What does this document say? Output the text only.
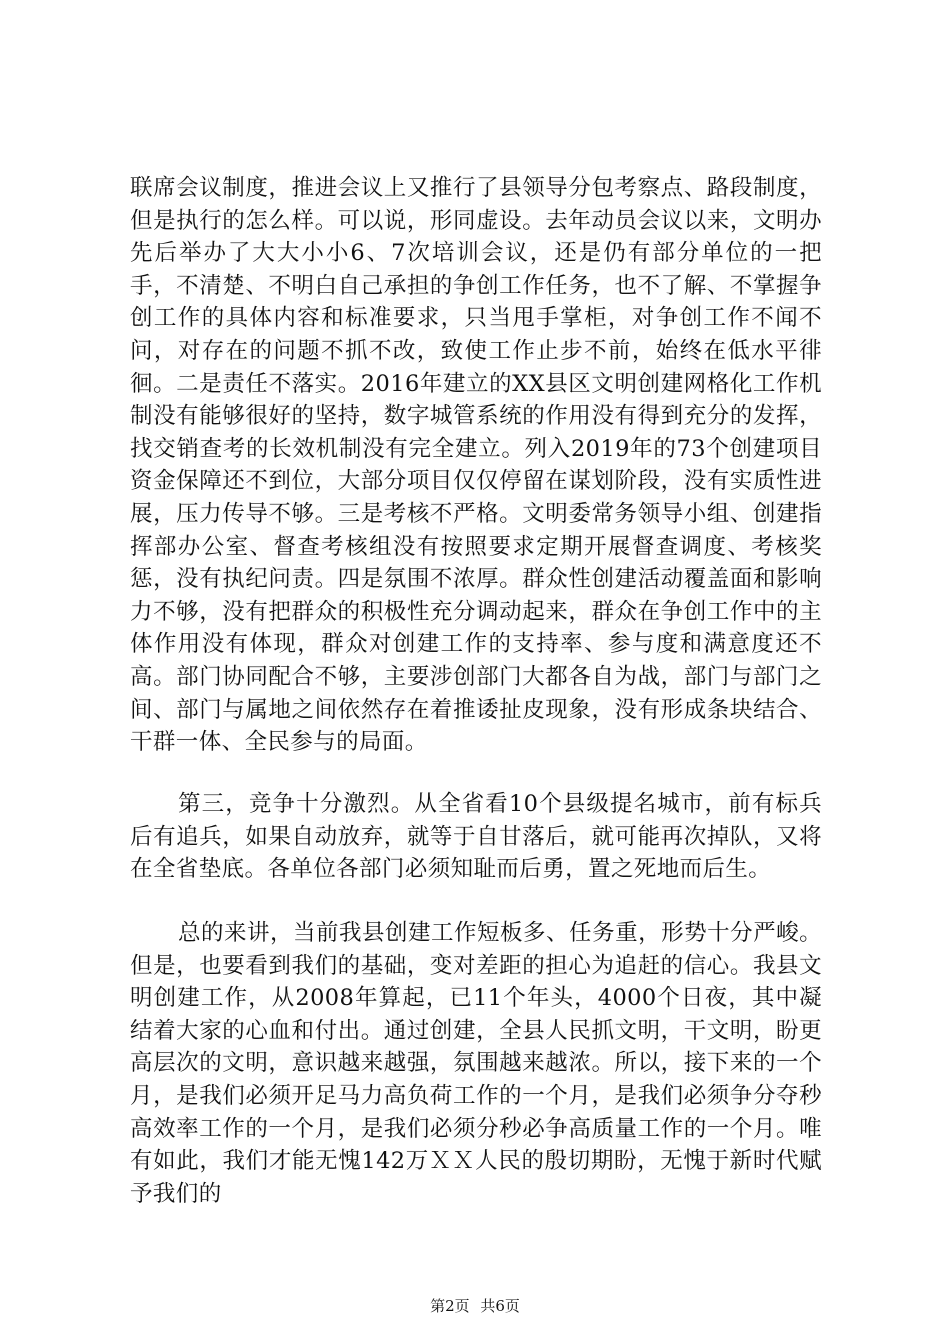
联席会议制度，推进会议上又推行了县领导分包考察点、路段制度，但是执行的怎么样。可以说，形同虚设。去年动员会议以来，文明办先后举办了大大小小6、7次培训会议，还是仍有部分单位的一把手，不清楚、不明白自己承担的争创工作任务，也不了解、不掌握争创工作的具体内容和标准要求，只当甩手掌柜，对争创工作不闻不问，对存在的问题不抓不改，致使工作止步不前，始终在低水平徘徊。二是责任不落实。2016年建立的XX县区文明创建网格化工作机制没有能够很好的坚持，数字城管系统的作用没有得到充分的发挥，找交销查考的长效机制没有完全建立。列入2019年的73个创建项目资金保障还不到位，大部分项目仅仅停留在谋划阶段，没有实质性进展，压力传导不够。三是考核不严格。文明委常务领导小组、创建指挥部办公室、督查考核组没有按照要求定期开展督查调度、考核奖惩，没有执纪问责。四是氛围不浓厚。群众性创建活动覆盖面和影响力不够，没有把群众的积极性充分调动起来，群众在争创工作中的主体作用没有体现，群众对创建工作的支持率、参与度和满意度还不高。部门协同配合不够，主要涉创部门大都各自为战，部门与部门之间、部门与属地之间依然存在着推诿扯皮现象，没有形成条块结合、干群一体、全民参与的局面。

第三，竞争十分激烈。从全省看10个县级提名城市，前有标兵后有追兵，如果自动放弃，就等于自甘落后，就可能再次掉队，又将在全省垫底。各单位各部门必须知耻而后勇，置之死地而后生。

总的来讲，当前我县创建工作短板多、任务重，形势十分严峻。但是，也要看到我们的基础，变对差距的担心为追赶的信心。我县文明创建工作，从2008年算起，已11个年头，4000个日夜，其中凝结着大家的心血和付出。通过创建，全县人民抓文明，干文明，盼更高层次的文明，意识越来越强，氛围越来越浓。所以，接下来的一个月，是我们必须开足马力高负荷工作的一个月，是我们必须争分夺秒高效率工作的一个月，是我们必须分秒必争高质量工作的一个月。唯有如此，我们才能无愧142万ＸＸ人民的殷切期盼，无愧于新时代赋予我们的

第2页 共6页
